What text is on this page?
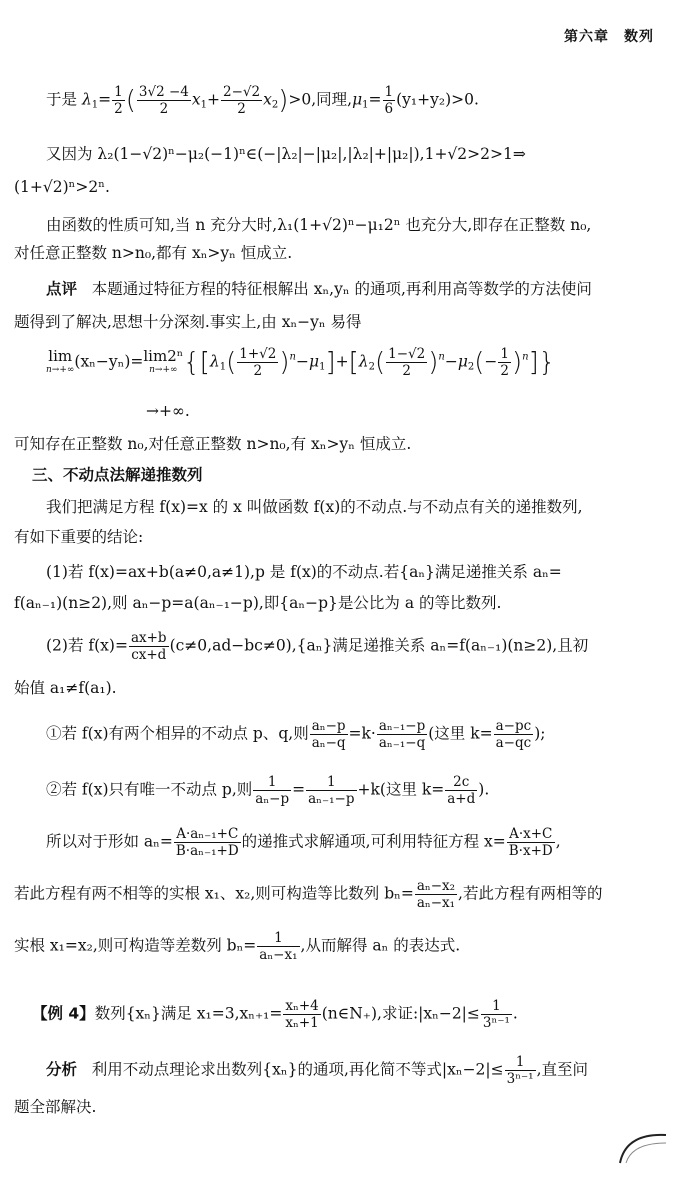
第六章　数列
于是 $\lambda_1= \frac{1}{2}$ ( $\frac{3√2 -4}{2} x_1+ \frac{2-√2}{2} x_2)>0$,同理$,\mu_1= \frac{1}{6} (y_1+y_2)>0$.
又因为 λ₂(1−√2)ⁿ−μ₂(−1)ⁿ∈(−|λ₂|−|μ₂|,|λ₂|+|μ₂|),1+√2>2>1⇒
(1+√2)ⁿ>2ⁿ.
由函数的性质可知,当 n 充分大时,λ₁(1+√2)ⁿ−μ₁2ⁿ 也充分大,即存在正整数 n₀,
对任意正整数 n>n₀,都有 xₙ>yₙ 恒成立.
点评 本题通过特征方程的特征根解出 xₙ,yₙ 的通项,再利用高等数学的方法使问
题得到了解决,思想十分深刻.事实上,由 xₙ−yₙ 易得
lim
n→+∞ (xₙ−yₙ)= lim2ⁿ
n→+∞ $\{[\lambda_1( \frac{1+√2}{2} )^n-\mu_1]+[\lambda_2( \frac{1-√2}{2} )^n-\mu_2(- \frac{1}{2} )^n]\}$
→+∞.
可知存在正整数 n₀,对任意正整数 n>n₀,有 xₙ>yₙ 恒成立.
三、不动点法解递推数列
我们把满足方程 f(x)=x 的 x 叫做函数 f(x)的不动点.与不动点有关的递推数列,
有如下重要的结论:
(1)若 f(x)=ax+b(a≠0,a≠1),p 是 f(x)的不动点.若{aₙ}满足递推关系 aₙ=
f(aₙ₋₁)(n≥2),则 aₙ−p=a(aₙ₋₁−p),即{aₙ−p}是公比为 a 的等比数列.
(2)若 $f(x)= \frac{ax+b}{cx+d} (c\ne 0,ad-bc\ne 0),\{a_n\}$满足递推关系 aₙ=f(aₙ₋₁)(n≥2),且初
始值 a₁≠f(a₁).
①若 f(x)有两个相异的不动点 p、q,则 $\frac{\text{aₙ−p}}{\text{aₙ−q}} =k\cdot \frac{\text{aₙ₋₁−p}}{\text{aₙ₋₁−q}}$ (这里 $k= \frac{a-pc}{a-qc}$ );
②若 f(x)只有唯一不动点 p,则 $\frac{1}{\text{aₙ−p}} = \frac{1}{\text{aₙ₋₁−p}} +k$(这里 $k= \frac{2c}{a+d}$ ).
所以对于形如 $a_n= \frac{\text{A·aₙ₋₁+C}}{\text{B·aₙ₋₁+D}}$ 的递推式求解通项,可利用特征方程 $x= \frac{A\cdot x+C}{B\cdot x+D}$ ,
若此方程有两不相等的实根 x₁、x₂,则可构造等比数列 $b_n= \frac{\text{aₙ−x₂}}{\text{aₙ−x₁}}$ ,若此方程有两相等的
实根 x₁=x₂,则可构造等差数列 $b_n= \frac{1}{\text{aₙ−x₁}}$ ,从而解得 aₙ 的表达式.
【例 4】数列{xₙ}满足 $x_1=3,x_{n+1}= \frac{\text{xₙ+4}}{\text{xₙ+1}}$ (n∈N₊),求证:|xₙ−2|≤ $\frac{1}{\text{3ⁿ⁻¹}}$ .
分析 利用不动点理论求出数列{xₙ}的通项,再化简不等式$|x_n-2|\le \frac{1}{\text{3ⁿ⁻¹}}$ ,直至问
题全部解决.
